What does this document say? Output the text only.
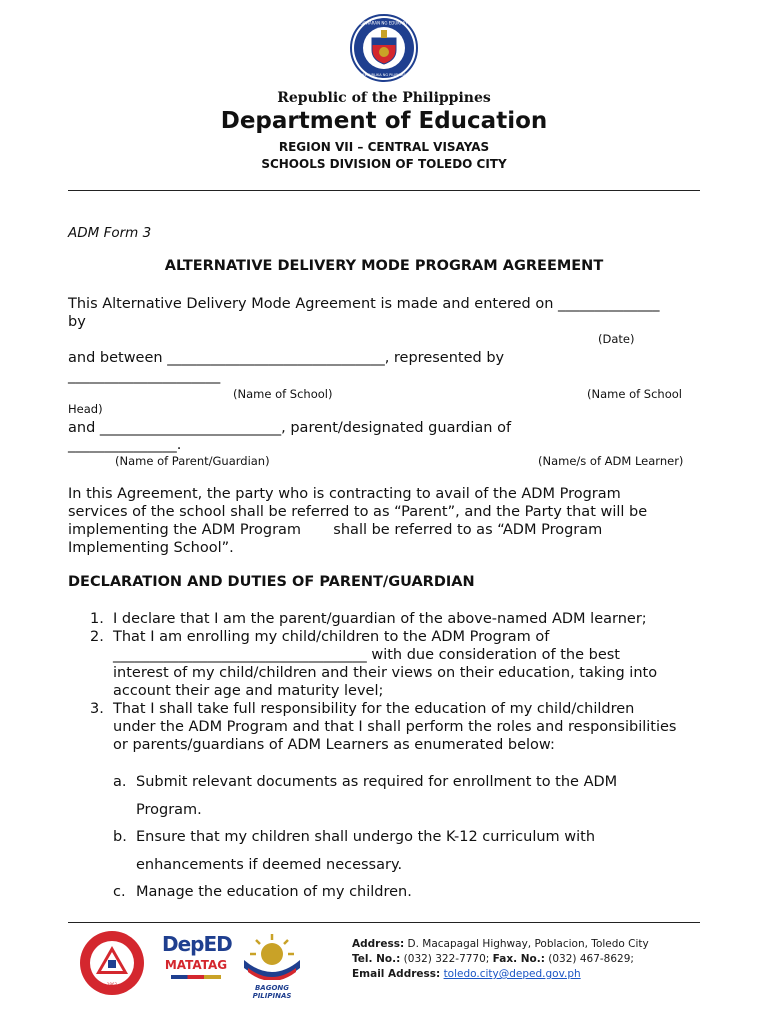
KAGAWARAN NG EDUKASYON
REPUBLIKA NG PILIPINAS
Republic of the Philippines
Department of Education
REGION VII – CENTRAL VISAYAS
SCHOOLS DIVISION OF TOLEDO CITY
ADM Form 3
ALTERNATIVE DELIVERY MODE PROGRAM AGREEMENT
This Alternative Delivery Mode Agreement is made and entered on ______________
by
(Date)
and between ______________________________, represented by
_____________________
(Name of School)	(Name of School
Head)
and _________________________, parent/designated guardian of
_______________.
(Name of Parent/Guardian)	(Name/s of ADM Learner)
In this Agreement, the party who is contracting to avail of the ADM Program
services of the school shall be referred to as “Parent”, and the Party that will be
implementing the ADM Program       shall be referred to as “ADM Program
Implementing School”.
DECLARATION AND DUTIES OF PARENT/GUARDIAN
1. I declare that I am the parent/guardian of the above-named ADM learner;
2. That I am enrolling my child/children to the ADM Program of
___________________________________ with due consideration of the best
interest of my child/children and their views on their education, taking into
account their age and maturity level;
3. That I shall take full responsibility for the education of my child/children
under the ADM Program and that I shall perform the roles and responsibilities
or parents/guardians of ADM Learners as enumerated below:
a. Submit relevant documents as required for enrollment to the ADM
Program.
b. Ensure that my children shall undergo the K-12 curriculum with
enhancements if deemed necessary.
c. Manage the education of my children.
1963
DepED
MATATAG
BAGONG PILIPINAS
Address: D. Macapagal Highway, Poblacion, Toledo City
Tel. No.: (032) 322-7770; Fax. No.: (032) 467-8629;
Email Address: toledo.city@deped.gov.ph
